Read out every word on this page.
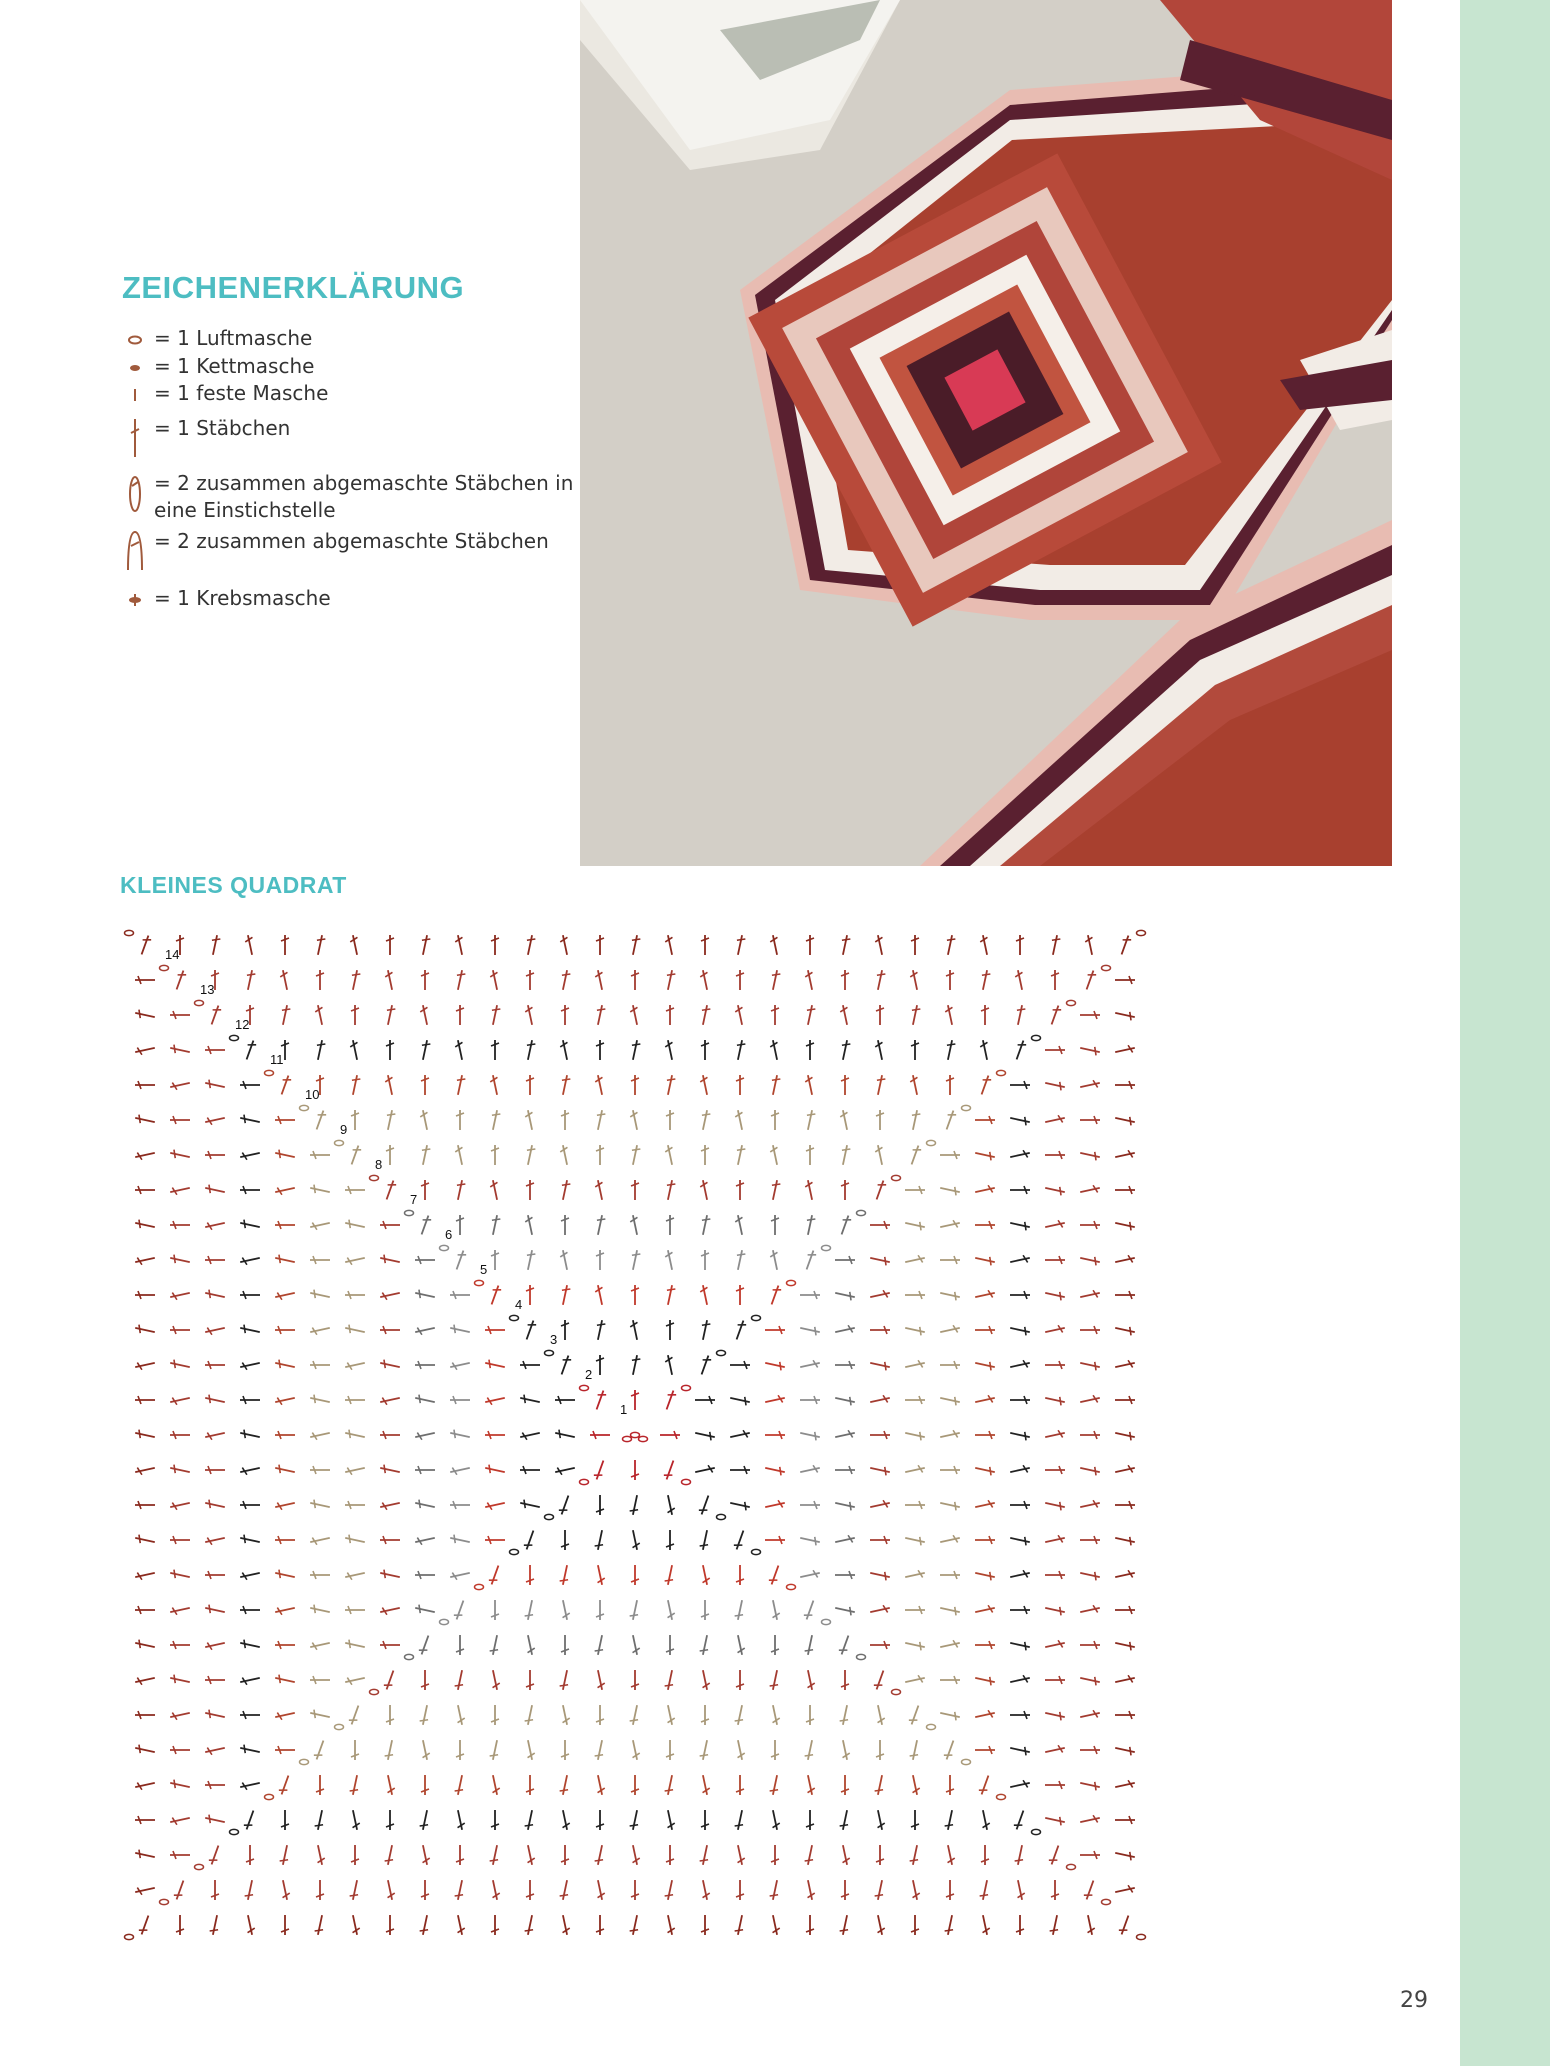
ZEICHENERKLÄRUNG
= 1 Luftmasche
= 1 Kettmasche
= 1 feste Masche
= 1 Stäbchen
= 2 zusammen abgemaschte Stäbchen in eine Einstichstelle
= 2 zusammen abgemaschte Stäbchen
= 1 Krebsmasche
KLEINES QUADRAT
1
2
3
4
5
6
7
8
9
10
11
12
13
14
29
